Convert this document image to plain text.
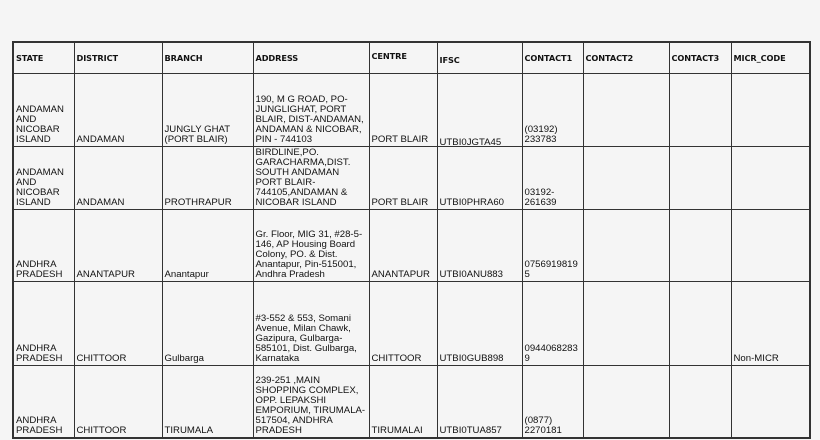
STATE	DISTRICT	BRANCH	ADDRESS	CENTRE	IFSC	CONTACT1	CONTACT2	CONTACT3	MICR_CODE
ANDAMAN AND NICOBAR ISLAND	ANDAMAN	JUNGLY GHAT (PORT BLAIR)	190, M G ROAD, PO-JUNGLIGHAT, PORT BLAIR, DIST-ANDAMAN, ANDAMAN & NICOBAR, PIN - 744103	PORT BLAIR	UTBI0JGTA45	(03192) 233783			
ANDAMAN AND NICOBAR ISLAND	ANDAMAN	PROTHRAPUR	BIRDLINE,PO. GARACHARMA,DIST. SOUTH ANDAMAN PORT BLAIR-744105,ANDAMAN & NICOBAR ISLAND	PORT BLAIR	UTBI0PHRA60	03192-261639			
ANDHRA PRADESH	ANANTAPUR	Anantapur	Gr. Floor, MIG 31, #28-5-146, AP Housing Board Colony, PO. & Dist. Anantapur, Pin-515001, Andhra Pradesh	ANANTAPUR	UTBI0ANU883	07569198195			
ANDHRA PRADESH	CHITTOOR	Gulbarga	#3-552 & 553, Somani Avenue, Milan Chawk, Gazipura, Gulbarga-585101, Dist. Gulbarga, Karnataka	CHITTOOR	UTBI0GUB898	09440682839			Non-MICR
ANDHRA PRADESH	CHITTOOR	TIRUMALA	239-251 ,MAIN SHOPPING COMPLEX, OPP. LEPAKSHI EMPORIUM, TIRUMALA- 517504, ANDHRA PRADESH	TIRUMALAI	UTBI0TUA857	(0877) 2270181			
